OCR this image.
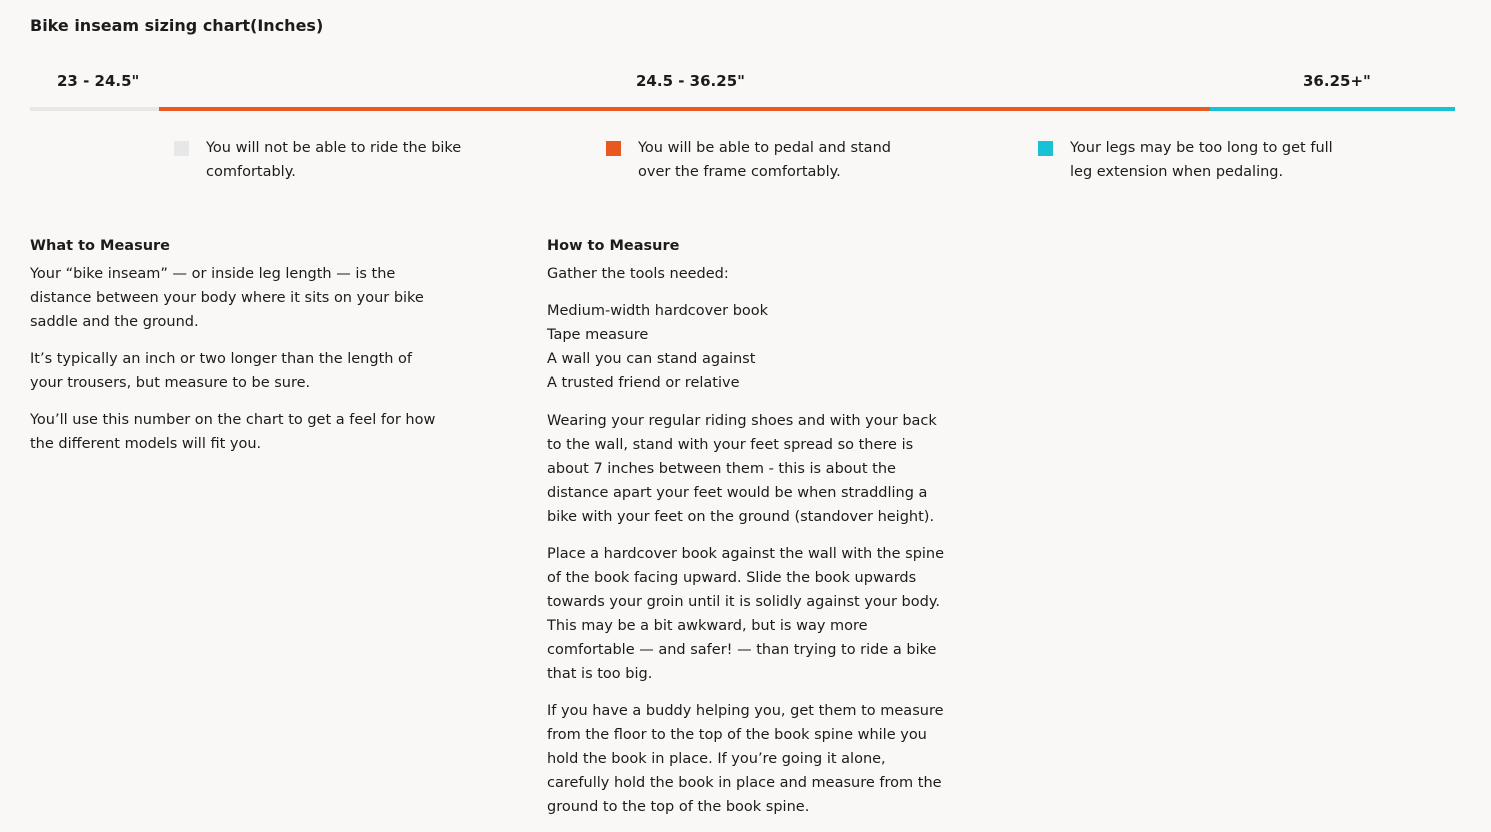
Bike inseam sizing chart(Inches)
23 - 24.5"	24.5 - 36.25"	36.25+"
You will not be able to ride the bike comfortably.
You will be able to pedal and stand over the frame comfortably.
Your legs may be too long to get full leg extension when pedaling.
What to Measure

Your “bike inseam” — or inside leg length — is the distance between your body where it sits on your bike saddle and the ground.

It’s typically an inch or two longer than the length of your trousers, but measure to be sure.

You’ll use this number on the chart to get a feel for how the different models will fit you.

How to Measure

Gather the tools needed:

Medium-width hardcover book
Tape measure
A wall you can stand against
A trusted friend or relative

Wearing your regular riding shoes and with your back to the wall, stand with your feet spread so there is about 7 inches between them - this is about the distance apart your feet would be when straddling a bike with your feet on the ground (standover height).

Place a hardcover book against the wall with the spine of the book facing upward. Slide the book upwards towards your groin until it is solidly against your body. This may be a bit awkward, but is way more comfortable — and safer! — than trying to ride a bike that is too big.

If you have a buddy helping you, get them to measure from the floor to the top of the book spine while you hold the book in place. If you’re going it alone, carefully hold the book in place and measure from the ground to the top of the book spine.
